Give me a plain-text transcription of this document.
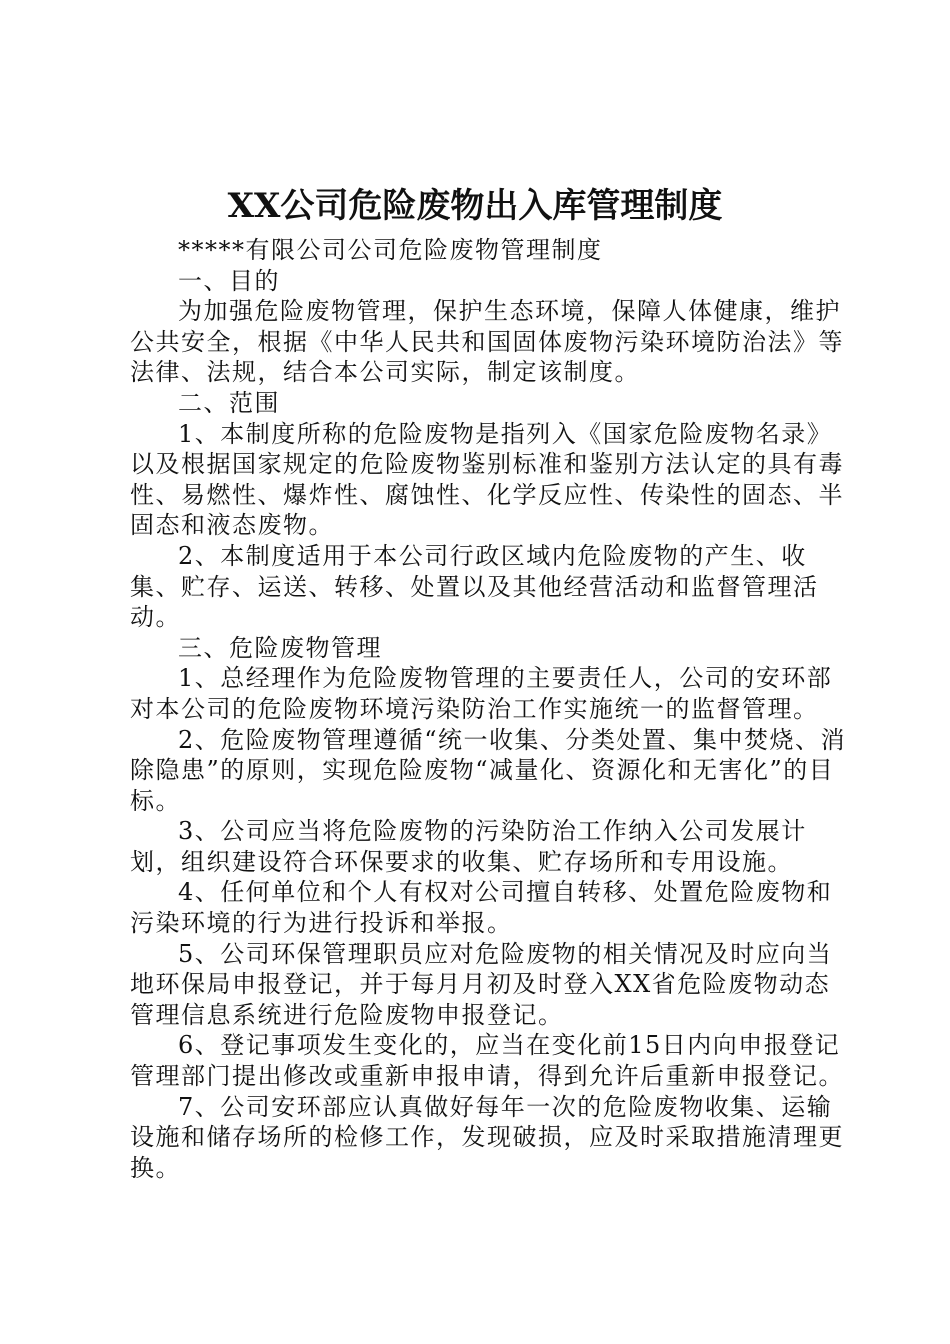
XX公司危险废物出入库管理制度

*****有限公司公司危险废物管理制度

一、目的

为加强危险废物管理，保护生态环境，保障人体健康，维护公共安全，根据《中华人民共和国固体废物污染环境防治法》等法律、法规，结合本公司实际，制定该制度。

二、范围

1、本制度所称的危险废物是指列入《国家危险废物名录》以及根据国家规定的危险废物鉴别标准和鉴别方法认定的具有毒性、易燃性、爆炸性、腐蚀性、化学反应性、传染性的固态、半固态和液态废物。

2、本制度适用于本公司行政区域内危险废物的产生、收集、贮存、运送、转移、处置以及其他经营活动和监督管理活动。

三、危险废物管理

1、总经理作为危险废物管理的主要责任人，公司的安环部对本公司的危险废物环境污染防治工作实施统一的监督管理。

2、危险废物管理遵循“统一收集、分类处置、集中焚烧、消除隐患”的原则，实现危险废物“减量化、资源化和无害化”的目标。

3、公司应当将危险废物的污染防治工作纳入公司发展计划，组织建设符合环保要求的收集、贮存场所和专用设施。

4、任何单位和个人有权对公司擅自转移、处置危险废物和污染环境的行为进行投诉和举报。

5、公司环保管理职员应对危险废物的相关情况及时应向当地环保局申报登记，并于每月月初及时登入XX省危险废物动态管理信息系统进行危险废物申报登记。

6、登记事项发生变化的，应当在变化前15日内向申报登记管理部门提出修改或重新申报申请，得到允许后重新申报登记。

7、公司安环部应认真做好每年一次的危险废物收集、运输设施和储存场所的检修工作，发现破损，应及时采取措施清理更换。
